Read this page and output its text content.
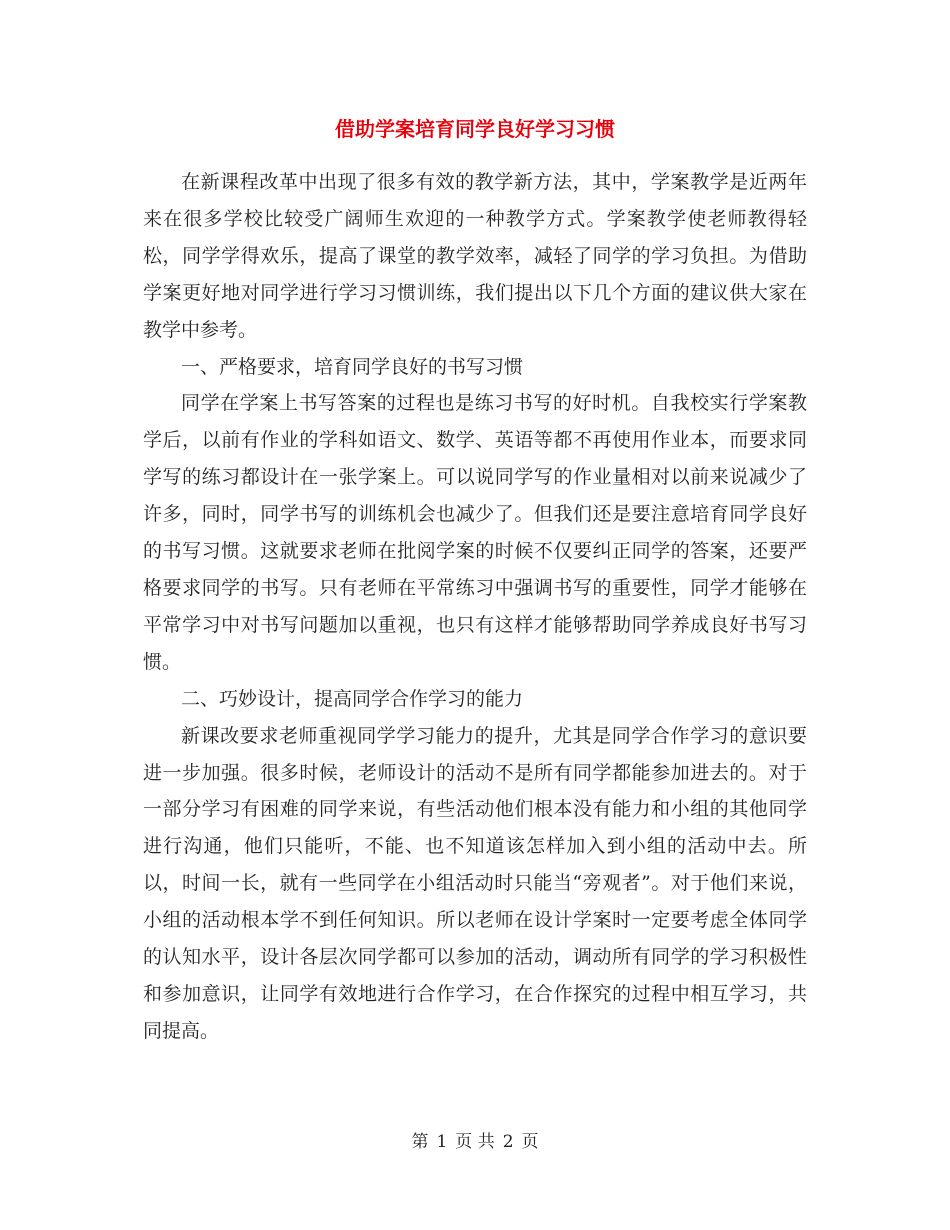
借助学案培育同学良好学习习惯

在新课程改革中出现了很多有效的教学新方法，其中，学案教学是近两年来在很多学校比较受广阔师生欢迎的一种教学方式。学案教学使老师教得轻松，同学学得欢乐，提高了课堂的教学效率，减轻了同学的学习负担。为借助学案更好地对同学进行学习习惯训练，我们提出以下几个方面的建议供大家在教学中参考。

一、严格要求，培育同学良好的书写习惯

同学在学案上书写答案的过程也是练习书写的好时机。自我校实行学案教学后，以前有作业的学科如语文、数学、英语等都不再使用作业本，而要求同学写的练习都设计在一张学案上。可以说同学写的作业量相对以前来说减少了许多，同时，同学书写的训练机会也减少了。但我们还是要注意培育同学良好的书写习惯。这就要求老师在批阅学案的时候不仅要纠正同学的答案，还要严格要求同学的书写。只有老师在平常练习中强调书写的重要性，同学才能够在平常学习中对书写问题加以重视，也只有这样才能够帮助同学养成良好书写习惯。

二、巧妙设计，提高同学合作学习的能力

新课改要求老师重视同学学习能力的提升，尤其是同学合作学习的意识要进一步加强。很多时候，老师设计的活动不是所有同学都能参加进去的。对于一部分学习有困难的同学来说，有些活动他们根本没有能力和小组的其他同学进行沟通，他们只能听，不能、也不知道该怎样加入到小组的活动中去。所以，时间一长，就有一些同学在小组活动时只能当“旁观者”。对于他们来说，小组的活动根本学不到任何知识。所以老师在设计学案时一定要考虑全体同学的认知水平，设计各层次同学都可以参加的活动，调动所有同学的学习积极性和参加意识，让同学有效地进行合作学习，在合作探究的过程中相互学习，共同提高。

第 1 页 共 2 页
